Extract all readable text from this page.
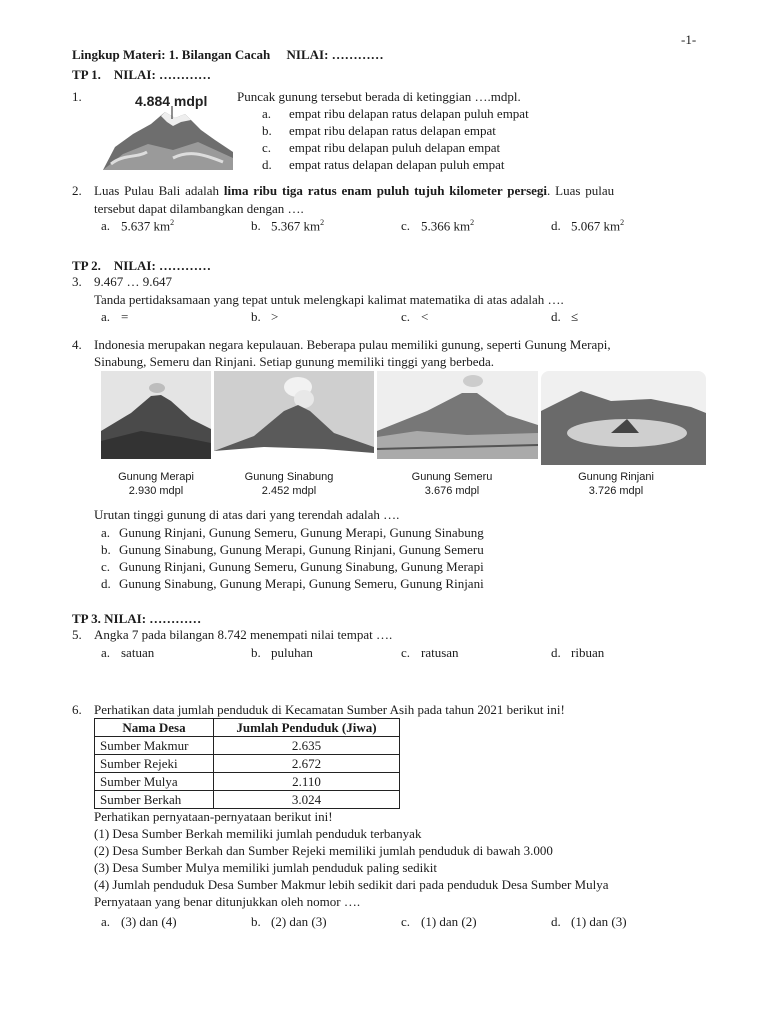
-1-
Lingkup Materi: 1. Bilangan Cacah NILAI: …………
TP 1. NILAI: …………
1.	4.884 mdpl Puncak gunung tersebut berada di ketinggian ….mdpl.
a. empat ribu delapan ratus delapan puluh empat
b. empat ribu delapan ratus delapan empat
c. empat ribu delapan puluh delapan empat
d. empat ratus delapan delapan puluh empat
2. Luas Pulau Bali adalah lima ribu tiga ratus enam puluh tujuh kilometer persegi. Luas pulau
tersebut dapat dilambangkan dengan ….
a. 5.637 $km^2$	b. 5.367 $km^2$	c. 5.366 $km^2$	d. 5.067 $km^2$
TP 2. NILAI: …………
3. 9.467 … 9.647
Tanda pertidaksamaan yang tepat untuk melengkapi kalimat matematika di atas adalah ….
a. =	b. >	c. <	d. ≤
4. Indonesia merupakan negara kepulauan. Beberapa pulau memiliki gunung, seperti Gunung Merapi,
Sinabung, Semeru dan Rinjani. Setiap gunung memiliki tinggi yang berbeda.
Gunung Merapi
2.930 mdpl
Gunung Sinabung
2.452 mdpl
Gunung Semeru
3.676 mdpl
Gunung Rinjani
3.726 mdpl
Urutan tinggi gunung di atas dari yang terendah adalah ….
a. Gunung Rinjani, Gunung Semeru, Gunung Merapi, Gunung Sinabung
b. Gunung Sinabung, Gunung Merapi, Gunung Rinjani, Gunung Semeru
c. Gunung Rinjani, Gunung Semeru, Gunung Sinabung, Gunung Merapi
d. Gunung Sinabung, Gunung Merapi, Gunung Semeru, Gunung Rinjani
TP 3. NILAI: …………
5. Angka 7 pada bilangan 8.742 menempati nilai tempat ….
a. satuan	b. puluhan	c. ratusan	d. ribuan
6. Perhatikan data jumlah penduduk di Kecamatan Sumber Asih pada tahun 2021 berikut ini!
Nama Desa	Jumlah Penduduk (Jiwa)
Sumber Makmur	2.635
Sumber Rejeki	2.672
Sumber Mulya	2.110
Sumber Berkah	3.024
Perhatikan pernyataan-pernyataan berikut ini!
(1) Desa Sumber Berkah memiliki jumlah penduduk terbanyak
(2) Desa Sumber Berkah dan Sumber Rejeki memiliki jumlah penduduk di bawah 3.000
(3) Desa Sumber Mulya memiliki jumlah penduduk paling sedikit
(4) Jumlah penduduk Desa Sumber Makmur lebih sedikit dari pada penduduk Desa Sumber Mulya
Pernyataan yang benar ditunjukkan oleh nomor ….
a. (3) dan (4)	b. (2) dan (3)	c. (1) dan (2)	d. (1) dan (3)
